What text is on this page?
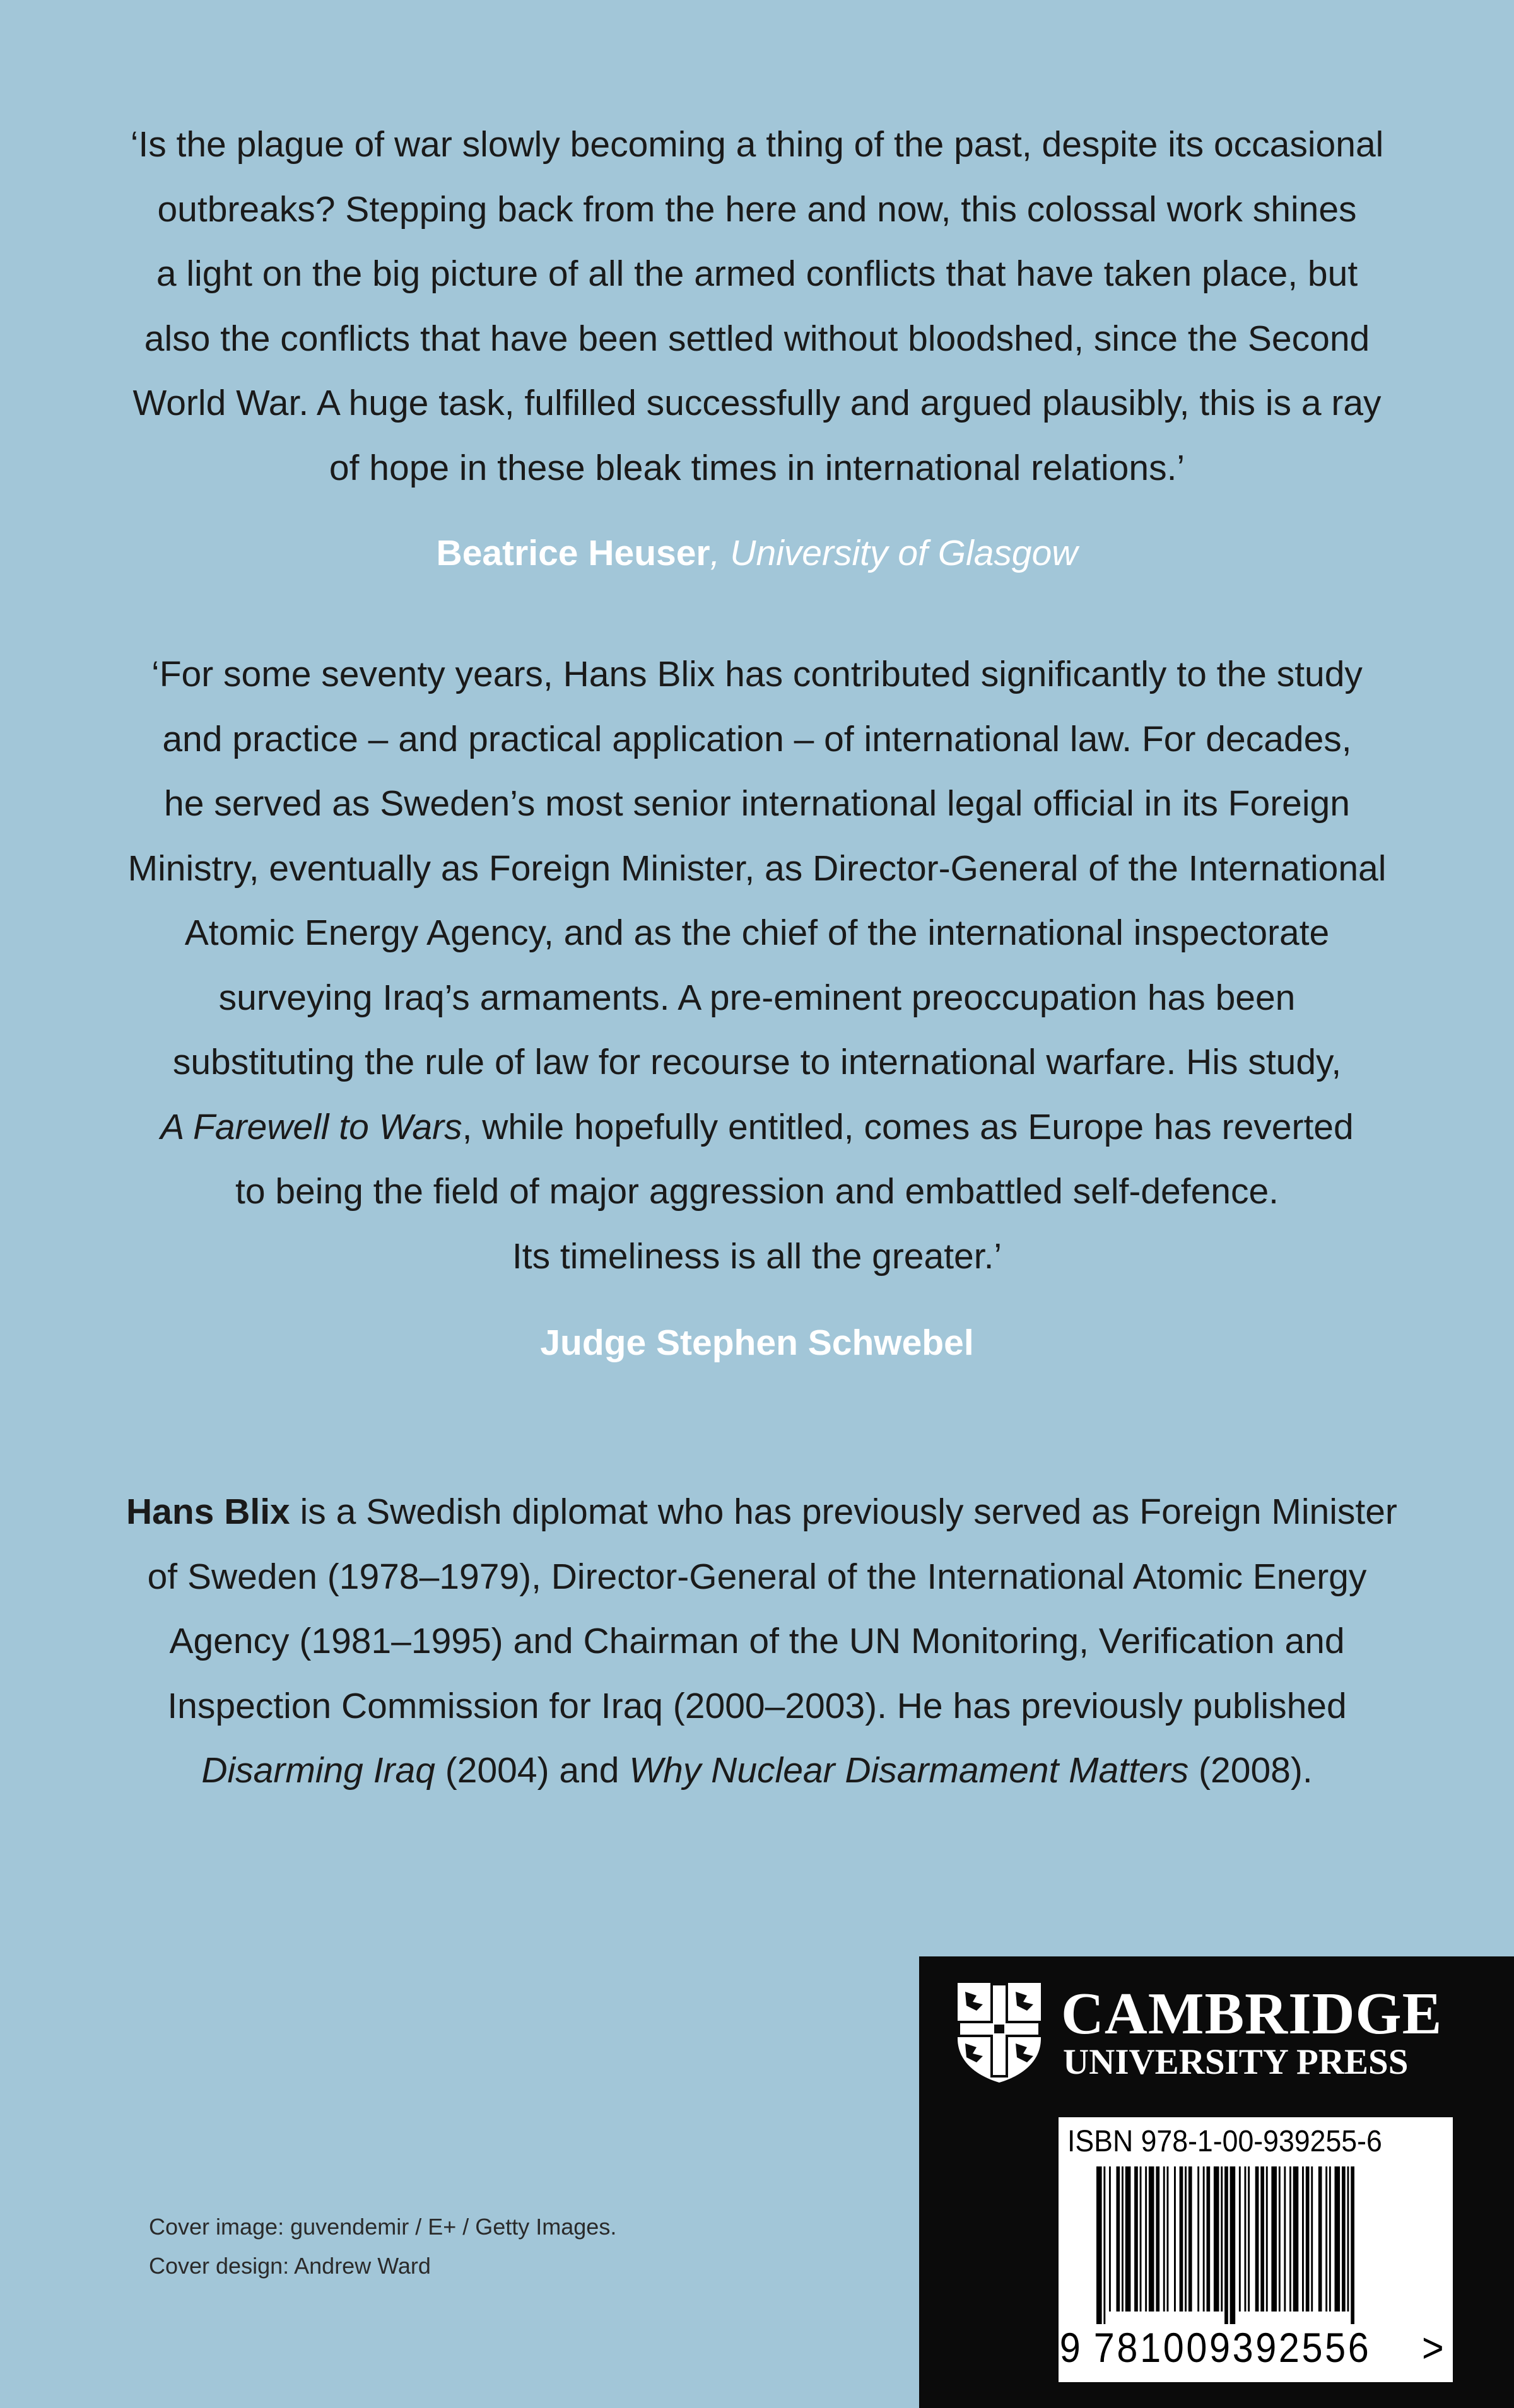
‘Is the plague of war slowly becoming a thing of the past, despite its occasional
outbreaks? Stepping back from the here and now, this colossal work shines
a light on the big picture of all the armed conflicts that have taken place, but
also the conflicts that have been settled without bloodshed, since the Second
World War. A huge task, fulfilled successfully and argued plausibly, this is a ray
of hope in these bleak times in international relations.’
Beatrice Heuser, University of Glasgow
‘For some seventy years, Hans Blix has contributed significantly to the study
and practice – and practical application – of international law. For decades,
he served as Sweden’s most senior international legal official in its Foreign
Ministry, eventually as Foreign Minister, as Director-General of the International
Atomic Energy Agency, and as the chief of the international inspectorate
surveying Iraq’s armaments. A pre-eminent preoccupation has been
substituting the rule of law for recourse to international warfare. His study,
A Farewell to Wars, while hopefully entitled, comes as Europe has reverted
to being the field of major aggression and embattled self-defence.
Its timeliness is all the greater.’
Judge Stephen Schwebel
Hans Blix is a Swedish diplomat who has previously served as Foreign Minister
of Sweden (1978–1979), Director-General of the International Atomic Energy
Agency (1981–1995) and Chairman of the UN Monitoring, Verification and
Inspection Commission for Iraq (2000–2003). He has previously published
Disarming Iraq (2004) and Why Nuclear Disarmament Matters (2008).
Cover image: guvendemir / E+ / Getty Images.
Cover design: Andrew Ward
CAMBRIDGE
UNIVERSITY PRESS
ISBN 978-1-00-939255-6
9 781009392556 >
